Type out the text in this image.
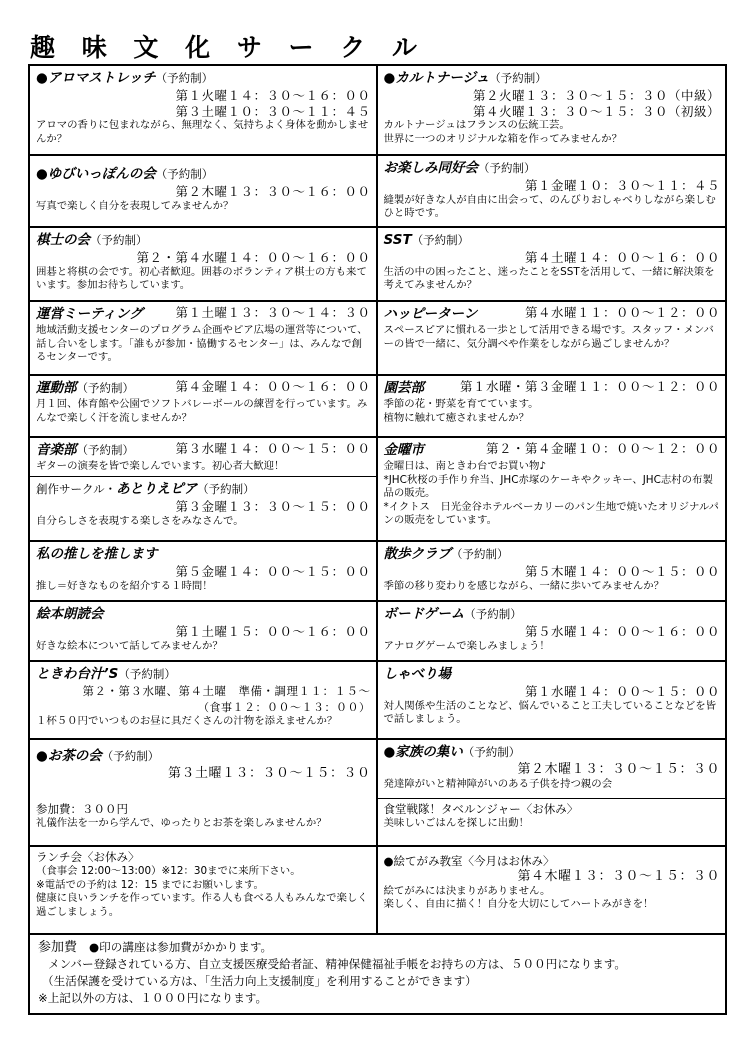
趣 味 文 化 サ ー ク ル
●アロマストレッチ（予約制）
第１火曜１４：３０〜１６：００
第３土曜１０：３０〜１１：４５
アロマの香りに包まれながら、無理なく、気持ちよく身体を動かしませんか？
●カルトナージュ（予約制）
第２火曜１３：３０〜１５：３０（中級）
第４火曜１３：３０〜１５：３０（初級）
カルトナージュはフランスの伝統工芸。
世界に一つのオリジナルな箱を作ってみませんか？
●ゆびいっぽんの会（予約制）
第２木曜１３：３０〜１６：００
写真で楽しく自分を表現してみませんか？
お楽しみ同好会（予約制）
第１金曜１０：３０〜１１：４５
縫製が好きな人が自由に出会って、のんびりおしゃべりしながら楽しむひと時です。
棋士の会（予約制）
第２・第４水曜１４：００〜１６：００
囲碁と将棋の会です。初心者歓迎。囲碁のボランティア棋士の方も来ています。参加お待ちしています。
SST（予約制）
第４土曜１４：００〜１６：００
生活の中の困ったこと、迷ったことをSSTを活用して、一緒に解決策を考えてみませんか？
運営ミーティング	第１土曜１３：３０〜１４：３０
地域活動支援センターのプログラム企画やピア広場の運営等について、話し合いをします。「誰もが参加・協働するセンター」は、みんなで創るセンターです。
ハッピーターン	第４水曜１１：００〜１２：００
スペースピアに慣れる一歩として活用できる場です。スタッフ・メンバーの皆で一緒に、気分調べや作業をしながら過ごしませんか？
運動部（予約制）	第４金曜１４：００〜１６：００
月１回、体育館や公園でソフトバレーボールの練習を行っています。みんなで楽しく汗を流しませんか？
園芸部	第１水曜・第３金曜１１：００〜１２：００
季節の花・野菜を育てています。
植物に触れて癒されませんか？
音楽部（予約制）	第３水曜１４：００〜１５：００
ギターの演奏を皆で楽しんでいます。初心者大歓迎！
創作サークル・あとりえピア（予約制）
第３金曜１３：３０〜１５：００
自分らしさを表現する楽しさをみなさんで。
金曜市	第２・第４金曜１０：００〜１２：００
金曜日は、南ときわ台でお買い物♪
*JHC秋桜の手作り弁当、JHC赤塚のケーキやクッキー、JHC志村の布製品の販売。
*イクトス　日光金谷ホテルベーカリーのパン生地で焼いたオリジナルパンの販売をしています。
私の推しを推します
第５金曜１４：００〜１５：００
推し＝好きなものを紹介する１時間！
散歩クラブ（予約制）
第５木曜１４：００〜１５：００
季節の移り変わりを感じながら、一緒に歩いてみませんか？
絵本朗読会
第１土曜１５：００〜１６：００
好きな絵本について話してみませんか？
ボードゲーム（予約制）
第５水曜１４：００〜１６：００
アナログゲームで楽しみましょう！
ときわ台汁’S（予約制）
第２・第３水曜、第４土曜　準備・調理１１：１５〜
（食事１２：００〜１３：００）
１杯５０円でいつものお昼に具だくさんの汁物を添えませんか？
しゃべり場
第１水曜１４：００〜１５：００
対人関係や生活のことなど、悩んでいること工夫していることなどを皆で話しましょう。
●お茶の会（予約制）
第３土曜１３：３０〜１５：３０
参加費：３００円
礼儀作法を一から学んで、ゆったりとお茶を楽しみませんか？
●家族の集い（予約制）
第２木曜１３：３０〜１５：３０
発達障がいと精神障がいのある子供を持つ親の会
食堂戦隊！タベルンジャー〈お休み〉
美味しいごはんを探しに出動！
ランチ会〈お休み〉
（食事会 12:00〜13:00）※12：30までに来所下さい。
※電話での予約は 12：15 までにお願いします。
健康に良いランチを作っています。作る人も食べる人もみんなで楽しく過ごしましょう。
●絵てがみ教室〈今月はお休み〉
第４木曜１３：３０〜１５：３０
絵てがみには決まりがありません。
楽しく、自由に描く！自分を大切にしてハートみがきを！
参加費 ●印の講座は参加費がかかります。
メンバー登録されている方、自立支援医療受給者証、精神保健福祉手帳をお持ちの方は、５００円になります。
（生活保護を受けている方は、「生活力向上支援制度」を利用することができます）
※上記以外の方は、１０００円になります。
